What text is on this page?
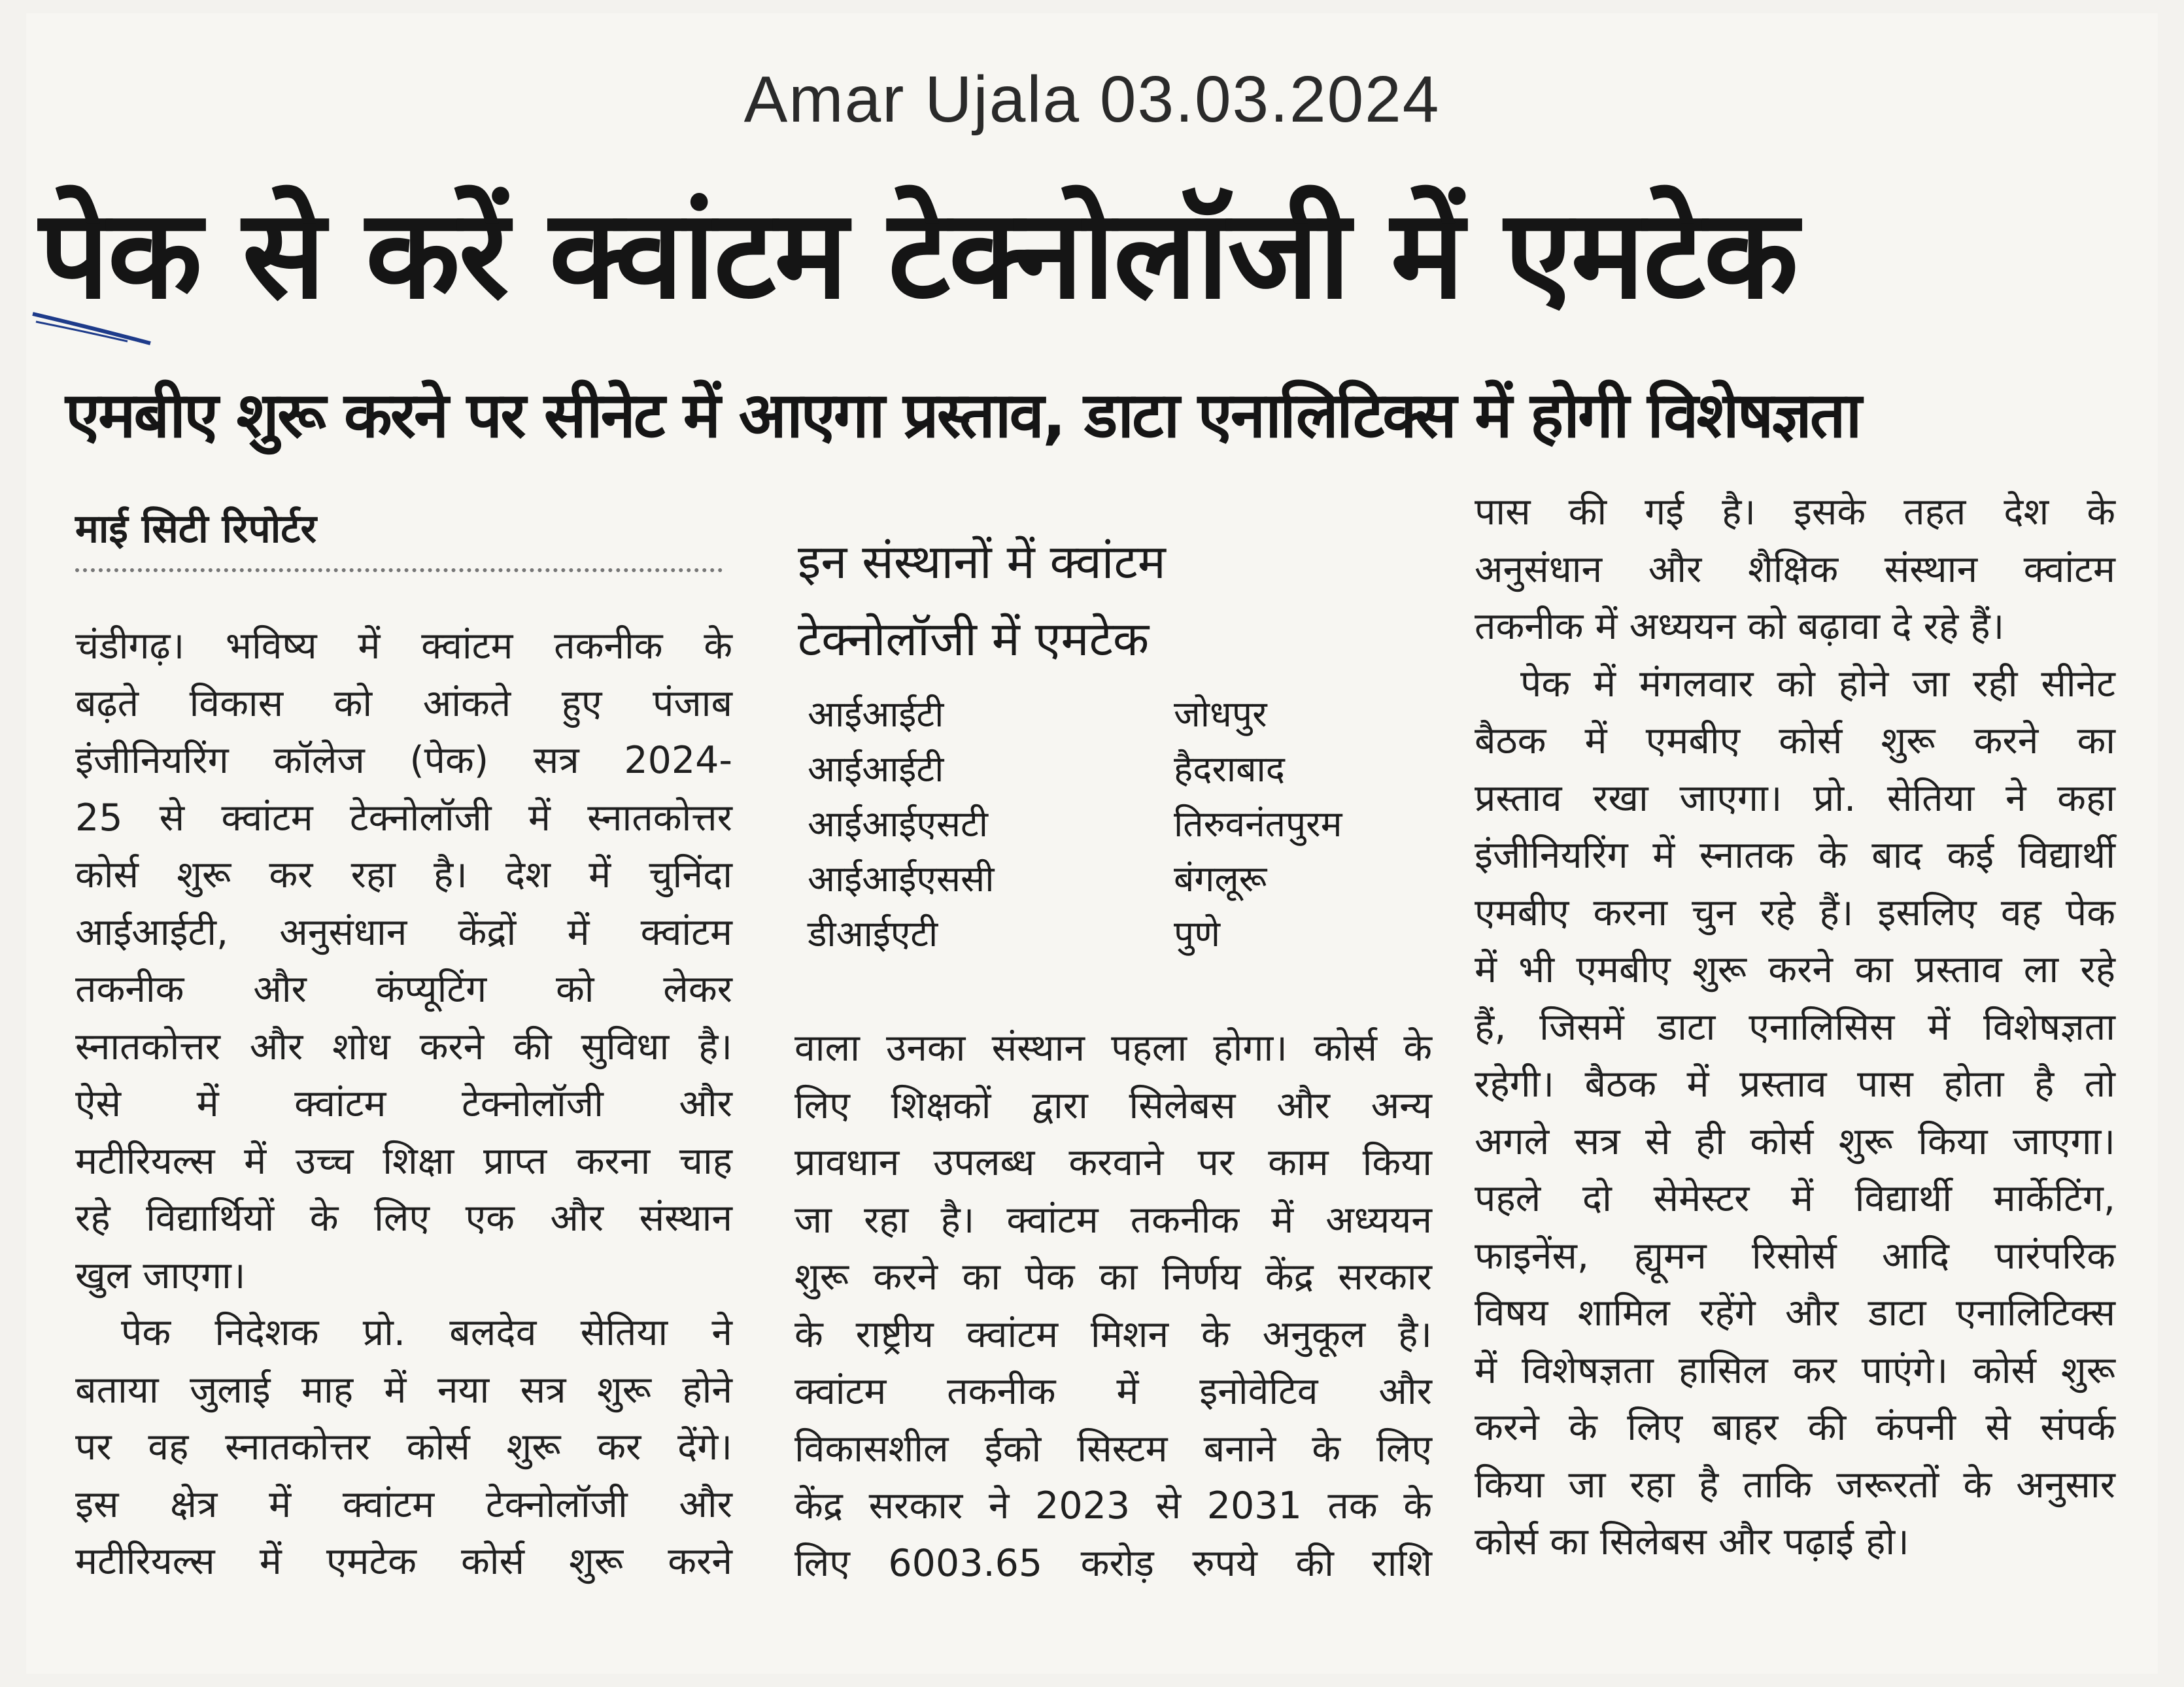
Amar Ujala 03.03.2024
पेक से करें क्वांटम टेक्नोलॉजी में एमटेक
एमबीए शुरू करने पर सीनेट में आएगा प्रस्ताव, डाटा एनालिटिक्स में होगी विशेषज्ञता
माई सिटी रिपोर्टर

चंडीगढ़। भविष्य में क्वांटम तकनीक के

बढ़ते विकास को आंकते हुए पंजाब

इंजीनियरिंग कॉलेज (पेक) सत्र 2024-

25 से क्वांटम टेक्नोलॉजी में स्नातकोत्तर

कोर्स शुरू कर रहा है। देश में चुनिंदा

आईआईटी, अनुसंधान केंद्रों में क्वांटम

तकनीक और कंप्यूटिंग को लेकर

स्नातकोत्तर और शोध करने की सुविधा है।

ऐसे में क्वांटम टेक्नोलॉजी और

मटीरियल्स में उच्च शिक्षा प्राप्त करना चाह

रहे विद्यार्थियों के लिए एक और संस्थान

खुल जाएगा।

पेक निदेशक प्रो. बलदेव सेतिया ने

बताया जुलाई माह में नया सत्र शुरू होने

पर वह स्नातकोत्तर कोर्स शुरू कर देंगे।

इस क्षेत्र में क्वांटम टेक्नोलॉजी और

मटीरियल्स में एमटेक कोर्स शुरू करने

इन संस्थानों में क्वांटम
टेक्नोलॉजी में एमटेक
आईआईटी	जोधपुर
आईआईटी	हैदराबाद
आईआईएसटी	तिरुवनंतपुरम
आईआईएससी	बंगलूरू
डीआईएटी	पुणे

वाला उनका संस्थान पहला होगा। कोर्स के

लिए शिक्षकों द्वारा सिलेबस और अन्य

प्रावधान उपलब्ध करवाने पर काम किया

जा रहा है। क्वांटम तकनीक में अध्ययन

शुरू करने का पेक का निर्णय केंद्र सरकार

के राष्ट्रीय क्वांटम मिशन के अनुकूल है।

क्वांटम तकनीक में इनोवेटिव और

विकासशील ईको सिस्टम बनाने के लिए

केंद्र सरकार ने 2023 से 2031 तक के

लिए 6003.65 करोड़ रुपये की राशि

पास की गई है। इसके तहत देश के

अनुसंधान और शैक्षिक संस्थान क्वांटम

तकनीक में अध्ययन को बढ़ावा दे रहे हैं।

पेक में मंगलवार को होने जा रही सीनेट

बैठक में एमबीए कोर्स शुरू करने का

प्रस्ताव रखा जाएगा। प्रो. सेतिया ने कहा

इंजीनियरिंग में स्नातक के बाद कई विद्यार्थी

एमबीए करना चुन रहे हैं। इसलिए वह पेक

में भी एमबीए शुरू करने का प्रस्ताव ला रहे

हैं, जिसमें डाटा एनालिसिस में विशेषज्ञता

रहेगी। बैठक में प्रस्ताव पास होता है तो

अगले सत्र से ही कोर्स शुरू किया जाएगा।

पहले दो सेमेस्टर में विद्यार्थी मार्केटिंग,

फाइनेंस, ह्यूमन रिसोर्स आदि पारंपरिक

विषय शामिल रहेंगे और डाटा एनालिटिक्स

में विशेषज्ञता हासिल कर पाएंगे। कोर्स शुरू

करने के लिए बाहर की कंपनी से संपर्क

किया जा रहा है ताकि जरूरतों के अनुसार

कोर्स का सिलेबस और पढ़ाई हो।
